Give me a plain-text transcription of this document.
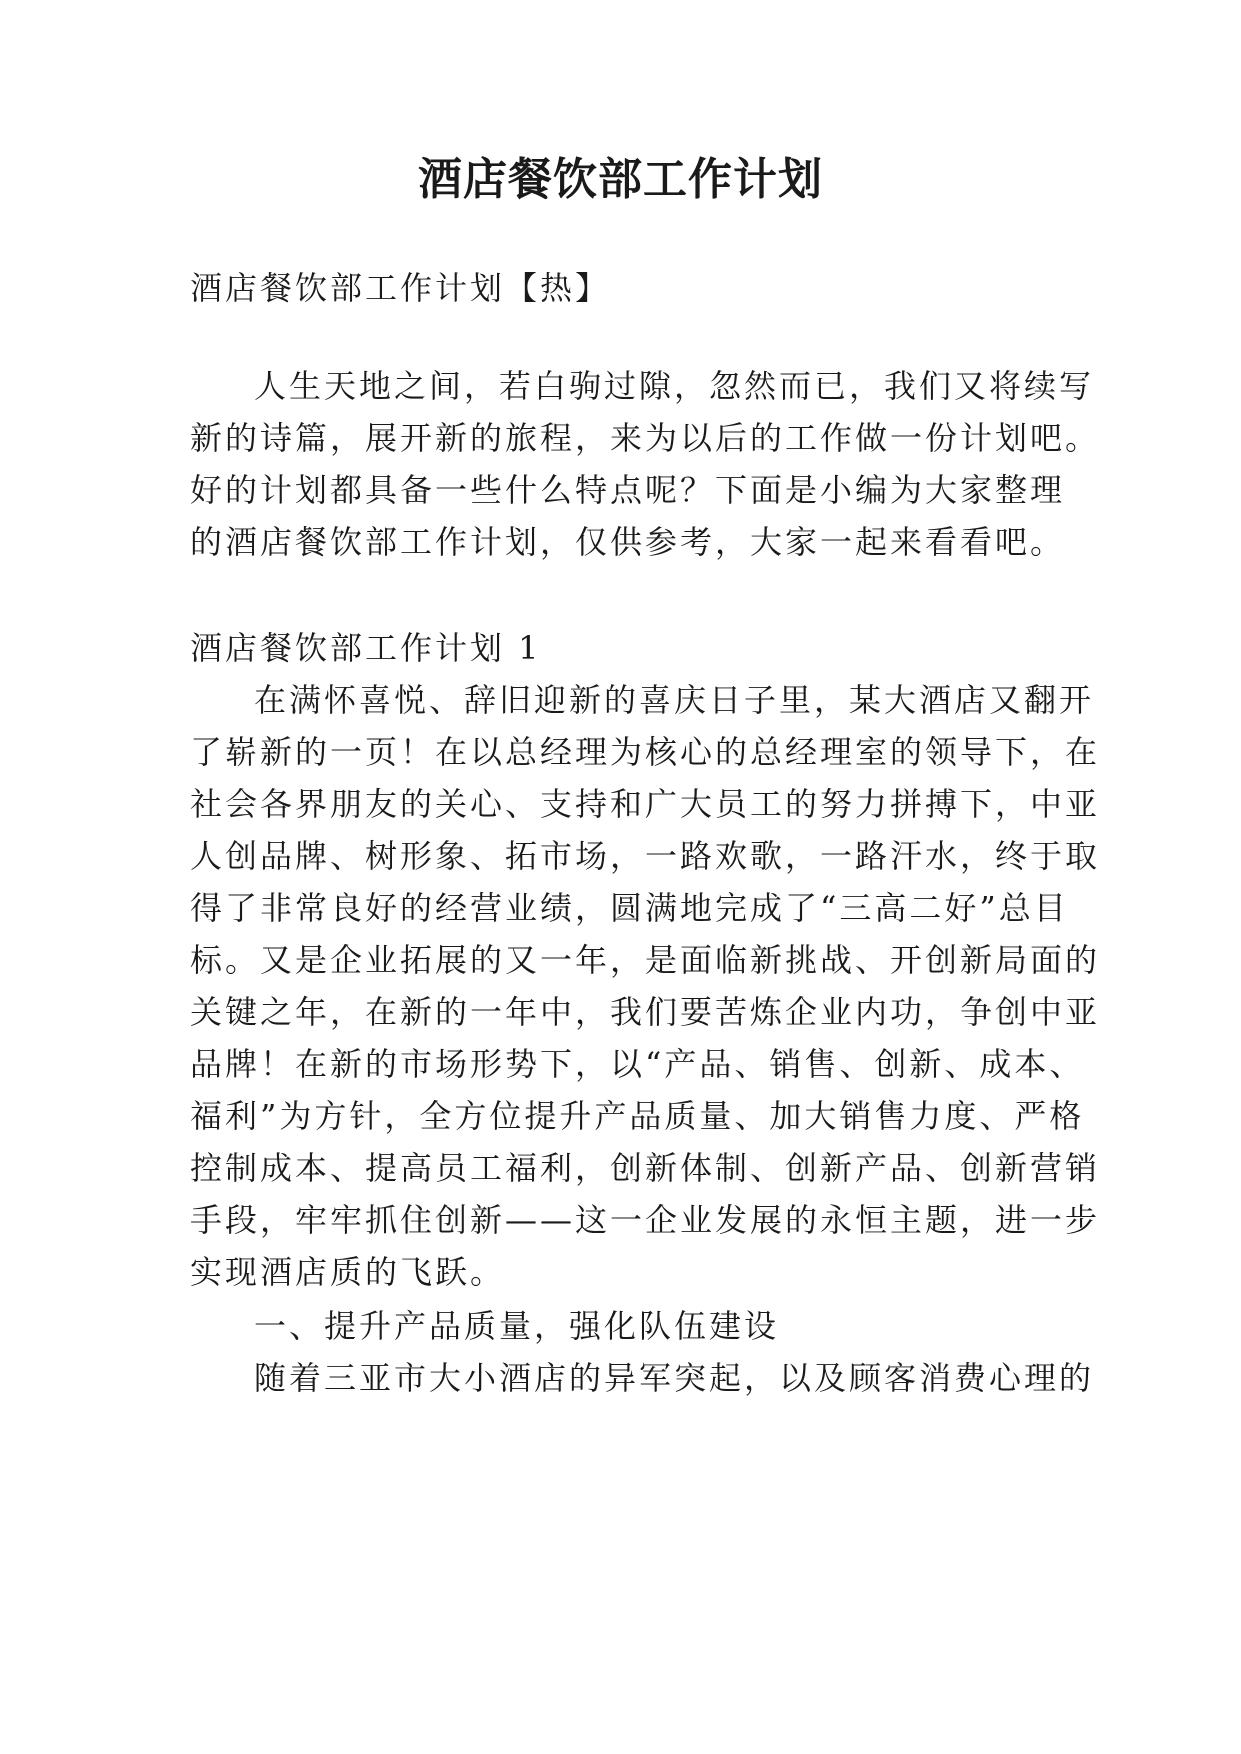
酒店餐饮部工作计划
酒店餐饮部工作计划【热】
人生天地之间，若白驹过隙，忽然而已，我们又将续写
新的诗篇，展开新的旅程，来为以后的工作做一份计划吧。
好的计划都具备一些什么特点呢？下面是小编为大家整理
的酒店餐饮部工作计划，仅供参考，大家一起来看看吧。
酒店餐饮部工作计划 1
在满怀喜悦、辞旧迎新的喜庆日子里，某大酒店又翻开
了崭新的一页！在以总经理为核心的总经理室的领导下，在
社会各界朋友的关心、支持和广大员工的努力拼搏下，中亚
人创品牌、树形象、拓市场，一路欢歌，一路汗水，终于取
得了非常良好的经营业绩，圆满地完成了“三高二好”总目
标。又是企业拓展的又一年，是面临新挑战、开创新局面的
关键之年，在新的一年中，我们要苦炼企业内功，争创中亚
品牌！在新的市场形势下，以“产品、销售、创新、成本、
福利”为方针，全方位提升产品质量、加大销售力度、严格
控制成本、提高员工福利，创新体制、创新产品、创新营销
手段，牢牢抓住创新——这一企业发展的永恒主题，进一步
实现酒店质的飞跃。
一、提升产品质量，强化队伍建设
随着三亚市大小酒店的异军突起，以及顾客消费心理的
